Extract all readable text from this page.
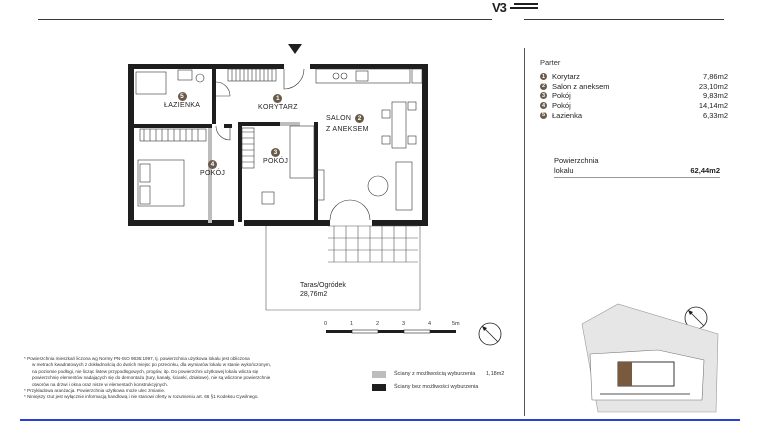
V3
1
KORYTARZ
SALON	2
Z ANEKSEM
3
POKÓJ
4
POKÓJ
5
ŁAZIENKA
Taras/Ogródek
28,76m2
0	1	2	3	4	5m
Parter
1 Korytarz	7,86m2
2 Salon z aneksem	23,10m2
3 Pokój	9,83m2
4 Pokój	14,14m2
5 Łazienka	6,33m2
Powierzchnia
lokalu	62,44m2
Ściany z możliwością wyburzenia	1,18m2
Ściany bez możliwości wyburzenia
* Powierzchnia mieszkań liczona wg Normy PN-ISO 9836:1997, tj. powierzchnia użytkowa lokalu jest obliczona
w metrach kwadratowych z dokładnością do dwóch miejsc po przecinku, dla wymiarów lokalu w stanie wykończonym,
na poziomie podłogi, nie licząc listew przypodłogowych, progów, itp. Do powierzchni użytkowej lokalu wlicza się
powierzchnię elementów nadających się do demontażu (tury, kanały, ścianki, działowe), nie są wliczone powierzchnie
otworów na drzwi i okna oraz nisze w elementach konstrukcyjnych.
* Przykładowa aranżacja. Powierzchnia użytkowa może ulec zmianie.
* Niniejszy rzut jest wyłącznie informacją handlową i nie stanowi oferty w rozumieniu art. 66 §1 Kodeksu Cywilnego.
